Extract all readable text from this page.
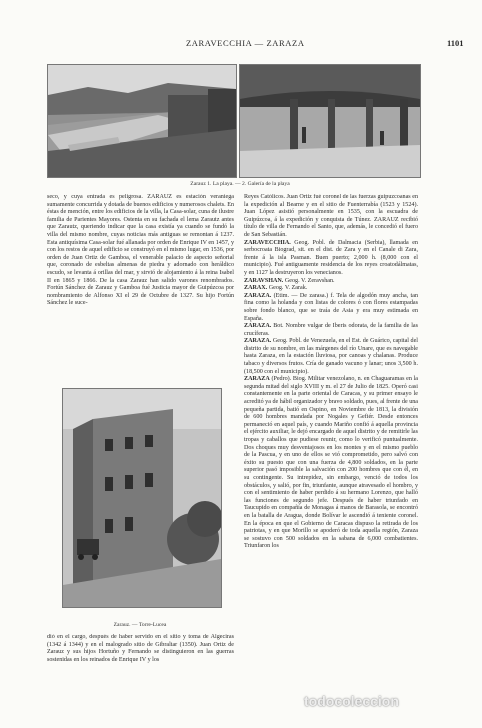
ZARAVECCHIA — ZARAZA	1101
Zarauz 1. La playa. — 2. Galería de la playa

seco, y cuya entrada es peligrosa. ZARAUZ es estación veraniega sumamente concurrida y dotada de buenos edificios y numerosos chalets. En éstas de mención, entre los edificios de la villa, la Casa-solar, cuna de ilustre familia de Parientes Mayores. Ostenta en su fachada el lema Zarautz antes que Zarautz, queriendo indicar que la casa existía ya cuando se fundó la villa del mismo nombre, cuyas noticias más antiguas se remontan á 1237. Esta antiquísima Casa-solar fué allanada por orden de Enrique IV en 1457, y con los restos de aquel edificio se construyó en el mismo lugar, en 1536, por orden de Juan Ortiz de Gamboa, el venerable palacio de aspecto señorial que, coronado de esbeltas almenas de piedra y adornado con heráldico escudo, se levanta á orillas del mar, y sirvió de alojamiento á la reina Isabel II en 1865 y 1866. De la casa Zarauz han salido varones renombrados. Fortún Sánchez de Zarauz y Gamboa fué Justicia mayor de Guipúzcoa por nombramiento de Alfonso XI el 29 de Octubre de 1327. Su hijo Fortún Sánchez le suce-

Zarauz. — Torre-Lucea

dió en el cargo, después de haber servido en el sitio y toma de Algeciras (1342 á 1344) y en el malogrado sitio de Gibraltar (1350). Juan Ortiz de Zarauz y sus hijos Hortuño y Fernando se distinguieron en las guerras sostenidas en los reinados de Enrique IV y los

Reyes Católicos. Juan Ortiz fué coronel de las fuerzas guipuzcoanas en la expedición al Bearne y en el sitio de Fuenterrabía (1523 y 1524). Juan López asistió personalmente en 1535, con la escuadra de Guipúzcoa, á la expedición y conquista de Túnez. ZARAUZ recibió título de villa de Fernando el Santo, que, además, le concedió el fuero de San Sebastián.

ZARAVECCHIA. Geog. Pobl. de Dalmacia (Serbia), llamada en serbocroata Biograd, sit. en el dist. de Zara y en el Canale di Zara, frente á la isla Pasman. Buen puerto; 2,000 h. (8,000 con el municipio). Fué antiguamente residencia de los reyes croatodálmatas, y en 1127 la destruyeron los venecianos.

ZARAVSHAN. Geog. V. Zeravshan.

ZARAX. Geog. V. Zarak.

ZARAZA. (Etim. — De zarasa.) f. Tela de algodón muy ancha, tan fina como la holanda y con listas de colores ó con flores estampadas sobre fondo blanco, que se traía de Asia y era muy estimada en España.

ZARAZA. Bot. Nombre vulgar de Iberis odorata, de la familia de las crucíferas.

ZARAZA. Geog. Pobl. de Venezuela, en el Est. de Guárico, capital del distrito de su nombre, en las márgenes del río Unare, que es navegable hasta Zaraza, en la estación lluviosa, por canoas y chalanas. Produce tabaco y diversos frutos. Cría de ganado vacuno y lanar; unos 3,500 h. (18,500 con el municipio).

ZARAZA (Pedro). Biog. Militar venezolano, n. en Chaguaramas en la segunda mitad del siglo XVIII y m. el 27 de Julio de 1825. Operó casi constantemente en la parte oriental de Caracas, y su primer ensayo le acreditó ya de hábil organizador y bravo soldado, pues, al frente de una pequeña partida, batió en Ospino, en Noviembre de 1813, la división de 600 hombres mandada por Nogales y Gefiér. Desde entonces permaneció en aquel país, y cuando Mariño confió á aquella provincia el ejército auxiliar, le dejó encargado de aquel distrito y de remitirle las tropas y caballos que pudiese reunir, como lo verificó puntualmente. Dos choques muy desventajosos en los montes y en el mismo pueblo de la Pascua, y en uno de ellos se vió comprometido, pero salvó con éxito su puesto que con una fuerza de 4,800 soldados, en la parte superior pasó imposible la salvación con 200 hombres que con él, en su contingente. Su intrepidez, sin embargo, venció de todos los obstáculos, y salió, por fin, triunfante, aunque atravesado el hombro, y con el sentimiento de haber perdido á su hermano Lorenzo, que halló las funciones de segundo jefe. Después de haber triunfado en Taucupido en compañía de Monagas á manos de Barasola, se encontró en la batalla de Aragua, donde Bolívar le ascendió á teniente coronel. En la época en que el Gobierno de Caracas dispuso la retirada de los patriotas, y en que Morillo se apoderó de toda aquella región, Zaraza se sostuvo con 500 soldados en la sabana de 6,000 combatientes. Triunfaron los

todocoleccion
